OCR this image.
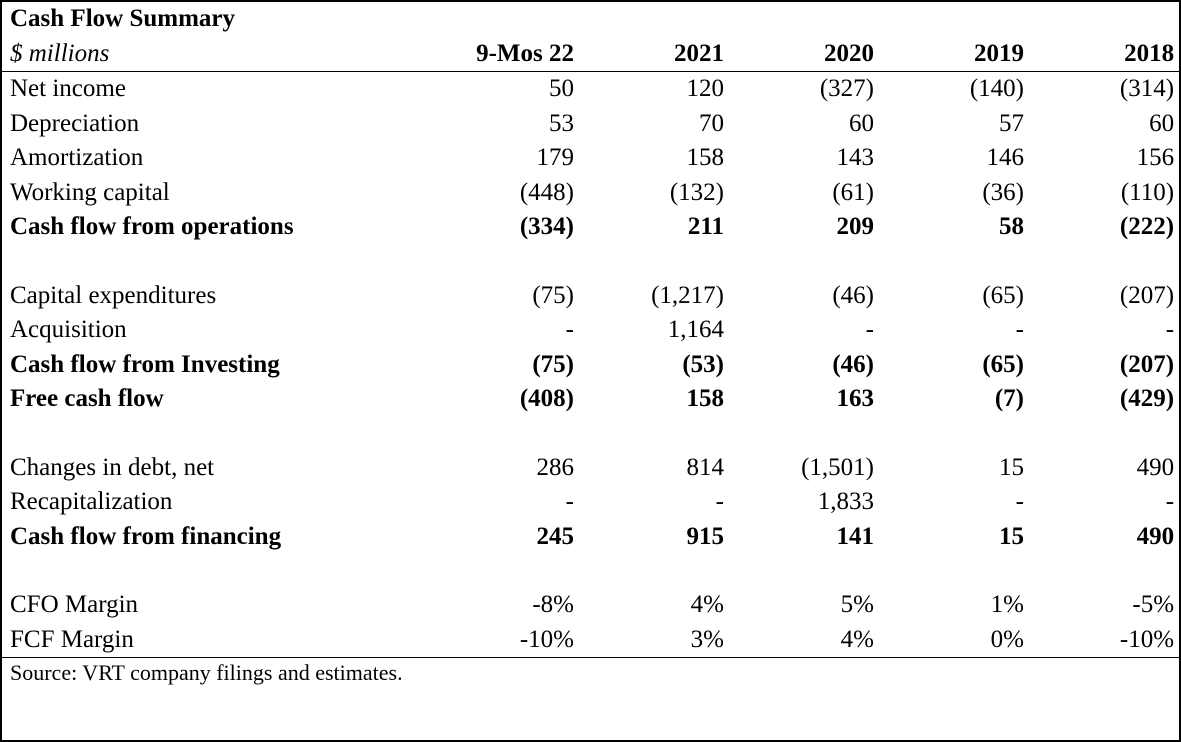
Cash Flow Summary					
$ millions	9-Mos 22	2021	2020	2019	2018
Net income	50	120	(327)	(140)	(314)
Depreciation	53	70	60	57	60
Amortization	179	158	143	146	156
Working capital	(448)	(132)	(61)	(36)	(110)
Cash flow from operations	(334)	211	209	58	(222)

Capital expenditures	(75)	(1,217)	(46)	(65)	(207)
Acquisition	-	1,164	-	-	-
Cash flow from Investing	(75)	(53)	(46)	(65)	(207)
Free cash flow	(408)	158	163	(7)	(429)

Changes in debt, net	286	814	(1,501)	15	490
Recapitalization	-	-	1,833	-	-
Cash flow from financing	245	915	141	15	490

CFO Margin	-8%	4%	5%	1%	-5%
FCF Margin	-10%	3%	4%	0%	-10%
Source: VRT company filings and estimates.					
